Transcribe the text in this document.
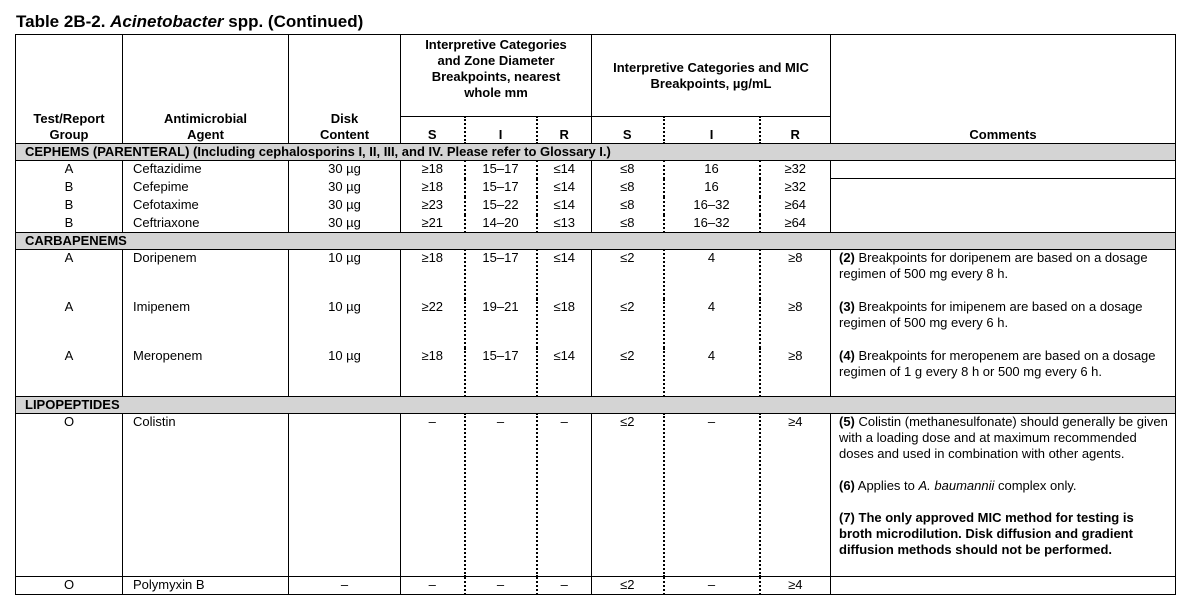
Table 2B-2. Acinetobacter spp. (Continued)
Test/Report Group	Antimicrobial Agent	Disk Content	Interpretive Categories and Zone Diameter Breakpoints, nearest whole mm			Interpretive Categories and MIC Breakpoints, µg/mL			Comments
			S	I	R	S	I	R	
CEPHEMS (PARENTERAL) (Including cephalosporins I, II, III, and IV. Please refer to Glossary I.)									
A	Ceftazidime	30 µg	≥18	15–17	≤14	≤8	16	≥32	
B	Cefepime	30 µg	≥18	15–17	≤14	≤8	16	≥32	
B	Cefotaxime	30 µg	≥23	15–22	≤14	≤8	16–32	≥64	
B	Ceftriaxone	30 µg	≥21	14–20	≤13	≤8	16–32	≥64	
CARBAPENEMS									
A	Doripenem	10 µg	≥18	15–17	≤14	≤2	4	≥8	(2) Breakpoints for doripenem are based on a dosage regimen of 500 mg every 8 h.
A	Imipenem	10 µg	≥22	19–21	≤18	≤2	4	≥8	(3) Breakpoints for imipenem are based on a dosage regimen of 500 mg every 6 h.
A	Meropenem	10 µg	≥18	15–17	≤14	≤2	4	≥8	(4) Breakpoints for meropenem are based on a dosage regimen of 1 g every 8 h or 500 mg every 6 h.
LIPOPEPTIDES									
O	Colistin		–	–	–	≤2	–	≥4	(5) Colistin (methanesulfonate) should generally be given with a loading dose and at maximum recommended doses and used in combination with other agents.

(6) Applies to A. baumannii complex only.

(7) The only approved MIC method for testing is broth microdilution. Disk diffusion and gradient diffusion methods should not be performed.

O	Polymyxin B	–	–	–	–	≤2	–	≥4	
